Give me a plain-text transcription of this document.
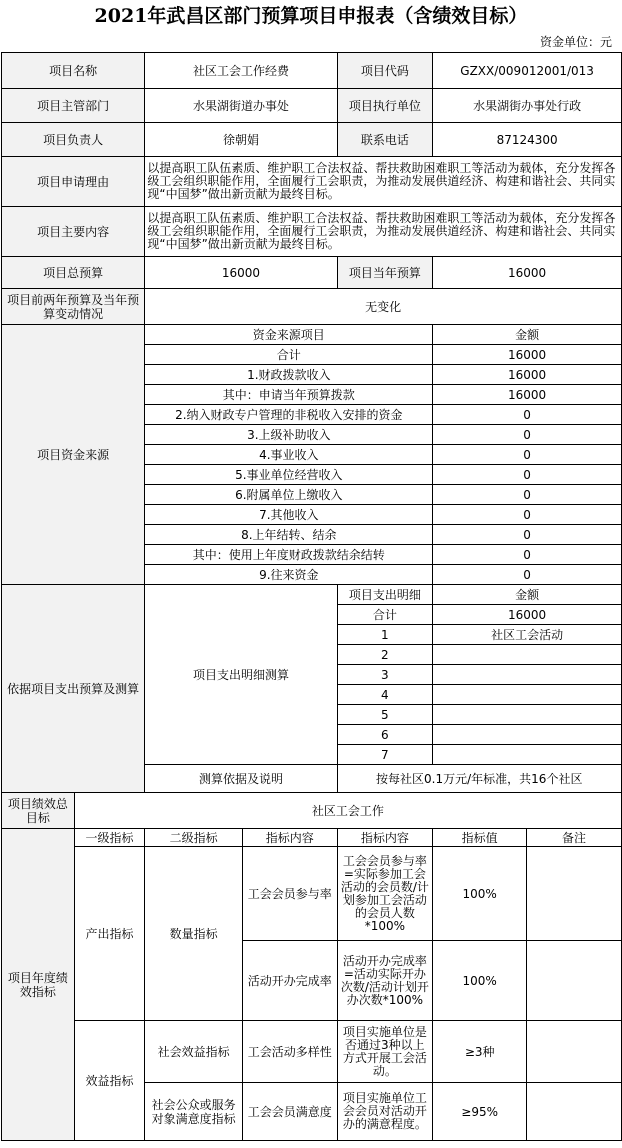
2021年武昌区部门预算项目申报表（含绩效目标）
资金单位：元
项目名称		社区工会工作经费		项目代码	GZXX/009012001/013	
项目主管部门		水果湖街道办事处		项目执行单位	水果湖街办事处行政	
项目负责人		徐朝娟		联系电话	87124300	
项目申请理由		以提高职工队伍素质、维护职工合法权益、帮扶救助困难职工等活动为载体，充分发挥各级工会组织职能作用，全面履行工会职责，为推动发展供道经济、构建和谐社会、共同实现“中国梦”做出新贡献为最终目标。				
项目主要内容		以提高职工队伍素质、维护职工合法权益、帮扶救助困难职工等活动为载体，充分发挥各级工会组织职能作用，全面履行工会职责，为推动发展供道经济、构建和谐社会、共同实现“中国梦”做出新贡献为最终目标。				
项目总预算		16000		项目当年预算	16000	
项目前两年预算及当年预算变动情况		无变化				
项目资金来源		资金来源项目			金额	
		合计			16000	
		1.财政拨款收入			16000	
		其中：申请当年预算拨款			16000	
		2.纳入财政专户管理的非税收入安排的资金			0	
		3.上级补助收入			0	
		4.事业收入			0	
		5.事业单位经营收入			0	
		6.附属单位上缴收入			0	
		7.其他收入			0	
		8.上年结转、结余			0	
		其中：使用上年度财政拨款结余结转			0	
		9.往来资金			0	
依据项目支出预算及测算		项目支出明细测算		项目支出明细	金额	
				合计	16000	
				1	社区工会活动	
				2		
				3		
				4		
				5		
				6		
				7		
		测算依据及说明		按每社区0.1万元/年标准，共16个社区		
项目绩效总目标	社区工会工作					
项目年度绩效指标	一级指标	二级指标	指标内容	指标内容	指标值	备注
	产出指标	数量指标	工会会员参与率	工会会员参与率=实际参加工会活动的会员数/计划参加工会活动的会员人数*100%	100%	
			活动开办完成率	活动开办完成率=活动实际开办次数/活动计划开办次数*100%	100%	
	效益指标	社会效益指标	工会活动多样性	项目实施单位是否通过3种以上方式开展工会活动。	≥3种	
		社会公众或服务对象满意度指标	工会会员满意度	项目实施单位工会会员对活动开办的满意程度。	≥95%	
